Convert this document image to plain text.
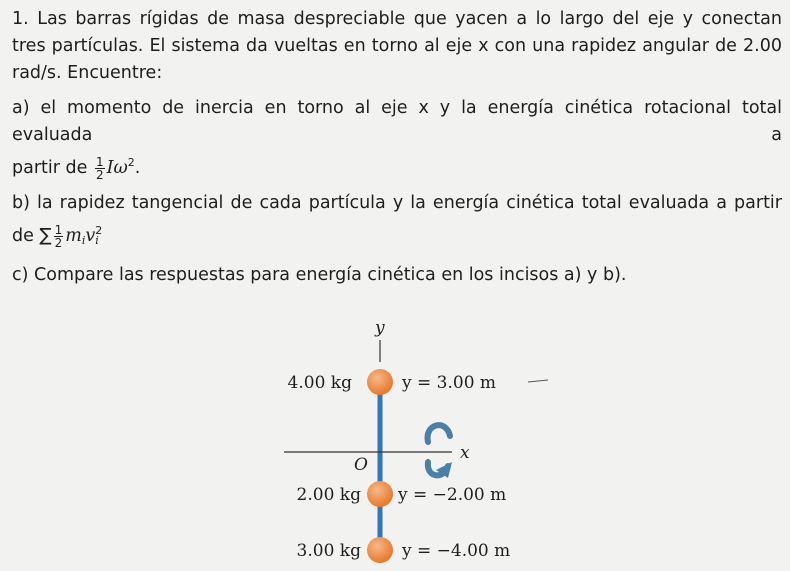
1. Las barras rígidas de masa despreciable que yacen a lo largo del eje y conectan

tres partículas. El sistema da vueltas en torno al eje x con una rapidez angular de 2.00

rad/s. Encuentre:

a) el momento de inercia en torno al eje x y la energía cinética rotacional total evaluada a

partir de $\frac{1}{2} I\omega^2$.

b) la rapidez tangencial de cada partícula y la energía cinética total evaluada a partir

de ∑ $\frac{1}{2} m_iv^2_i$

c) Compare las respuestas para energía cinética en los incisos a) y b).

y
x
O
4.00 kg
2.00 kg
3.00 kg
y = 3.00 m
y = −2.00 m
y = −4.00 m
